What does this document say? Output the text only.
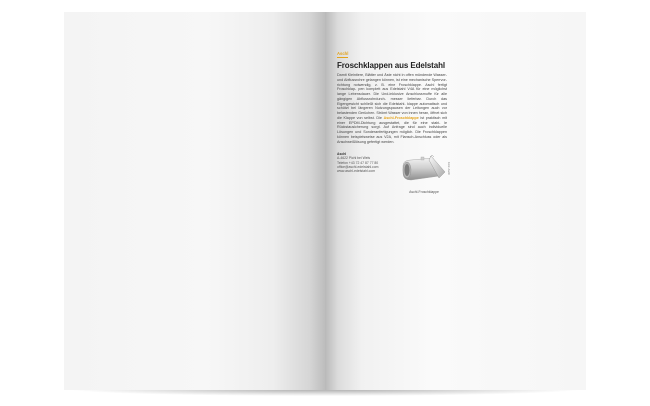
Aschl
Froschklappen aus Edelstahl
Damit Kleintiere, Blätter und Äste nicht in offen mündende Wasser- und Abflussrohre gelangen können, ist eine mechanische Sperrvor- richtung notwendig, z. B. eine Froschklappe. Aschl fertigt Froschklap- pen komplett aus Edelstahl V4A für eine möglichst lange Lebensdauer. Die Und-inklusive Anschlussmuffe für alle gängigen Abflussrohrdurch- messer lieferbar. Durch das Eigengewicht schließt sich die Edelstahl- klappe automatisch und schützt bei längeren Nutzungspausen der Leitungen auch vor belastenden Gerüchen. Strömt Wasser von innen heran, öffnet sich die Klappe von selbst. Die Aschl-Froschklappe ist praktisch mit einer EPDM-Dichtung ausgestattet, die für eine stabi- le Rückstausicherung sorgt. Auf Anfrage sind auch individuelle Lösungen und Sonderanfertigungen möglich. Die Froschklappen können beispielsweise aus V2A, mit Flansch-Anschluss oder als Anschweißlösung gefertigt werden.
Aschl
A-4622 Pichl bei Wels
Telefon +43 72 47 87 77 80
office@aschl-edelstahl.com
www.aschl-edelstahl.com	Foto: Aschl
Aschl-Froschklappe
